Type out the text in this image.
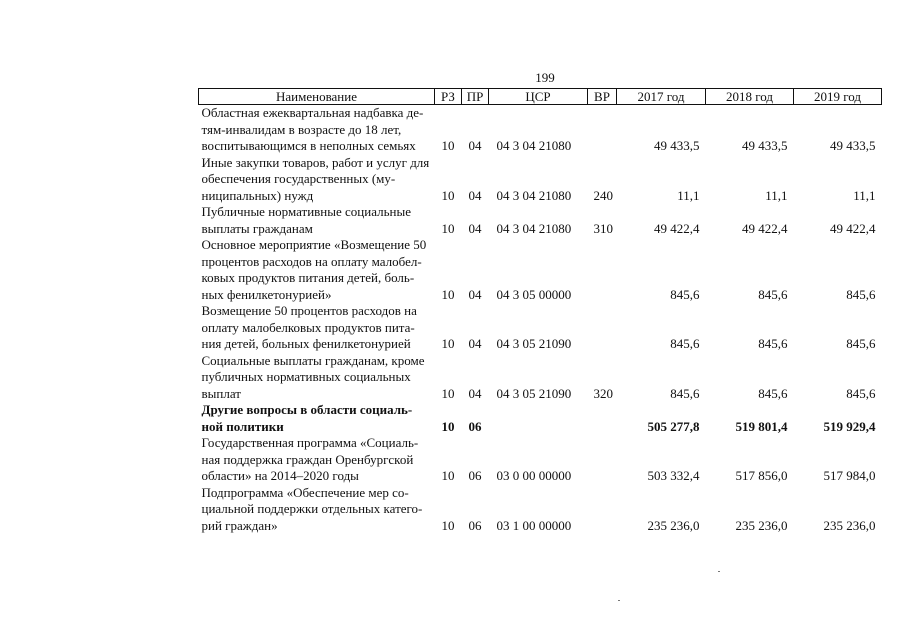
199
Наименование	РЗ	ПР	ЦСР	ВР	2017 год	2018 год	2019 год
Областная ежеквартальная надбавка де-тям-инвалидам в возрасте до 18 лет, воспитывающимся в неполных семьях	10	04	04 3 04 21080		49 433,5	49 433,5	49 433,5
Иные закупки товаров, работ и услуг для обеспечения государственных (му-ниципальных) нужд	10	04	04 3 04 21080	240	11,1	11,1	11,1
Публичные нормативные социальные выплаты гражданам	10	04	04 3 04 21080	310	49 422,4	49 422,4	49 422,4
Основное мероприятие «Возмещение 50 процентов расходов на оплату малобел-ковых продуктов питания детей, боль-ных фенилкетонурией»	10	04	04 3 05 00000		845,6	845,6	845,6
Возмещение 50 процентов расходов на оплату малобелковых продуктов пита-ния детей, больных фенилкетонурией	10	04	04 3 05 21090		845,6	845,6	845,6
Социальные выплаты гражданам, кроме публичных нормативных социальных выплат	10	04	04 3 05 21090	320	845,6	845,6	845,6
Другие вопросы в области социаль-ной политики	10	06			505 277,8	519 801,4	519 929,4
Государственная программа «Социаль-ная поддержка граждан Оренбургской области» на 2014–2020 годы	10	06	03 0 00 00000		503 332,4	517 856,0	517 984,0
Подпрограмма «Обеспечение мер со-циальной поддержки отдельных катего-рий граждан»	10	06	03 1 00 00000		235 236,0	235 236,0	235 236,0
